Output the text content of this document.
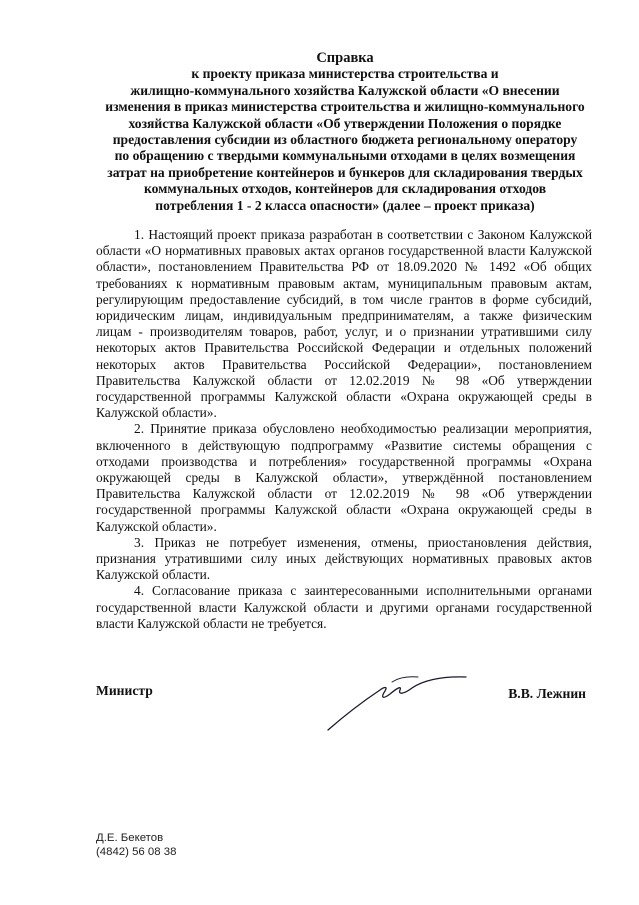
Справка
к проекту приказа министерства строительства и
жилищно-коммунального хозяйства Калужской области «О внесении
изменения в приказ министерства строительства и жилищно-коммунального
хозяйства Калужской области «Об утверждении Положения о порядке
предоставления субсидии из областного бюджета региональному оператору
по обращению с твердыми коммунальными отходами в целях возмещения
затрат на приобретение контейнеров и бункеров для складирования твердых
коммунальных отходов, контейнеров для складирования отходов
потребления 1 - 2 класса опасности» (далее – проект приказа)

1. Настоящий проект приказа разработан в соответствии с Законом Калужской области «О нормативных правовых актах органов государственной власти Калужской области», постановлением Правительства РФ от 18.09.2020 № 1492 «Об общих требованиях к нормативным правовым актам, муниципальным правовым актам, регулирующим предоставление субсидий, в том числе грантов в форме субсидий, юридическим лицам, индивидуальным предпринимателям, а также физическим лицам - производителям товаров, работ, услуг, и о признании утратившими силу некоторых актов Правительства Российской Федерации и отдельных положений некоторых актов Правительства Российской Федерации», постановлением Правительства Калужской области от 12.02.2019 № 98 «Об утверждении государственной программы Калужской области «Охрана окружающей среды в Калужской области».

2. Принятие приказа обусловлено необходимостью реализации мероприятия, включенного в действующую подпрограмму «Развитие системы обращения с отходами производства и потребления» государственной программы «Охрана окружающей среды в Калужской области», утверждённой постановлением Правительства Калужской области от 12.02.2019 № 98 «Об утверждении государственной программы Калужской области «Охрана окружающей среды в Калужской области».

3. Приказ не потребует изменения, отмены, приостановления действия, признания утратившими силу иных действующих нормативных правовых актов Калужской области.

4. Согласование приказа с заинтересованными исполнительными органами государственной власти Калужской области и другими органами государственной власти Калужской области не требуется.

Министр	В.В. Лежнин
Д.Е. Бекетов
(4842) 56 08 38
